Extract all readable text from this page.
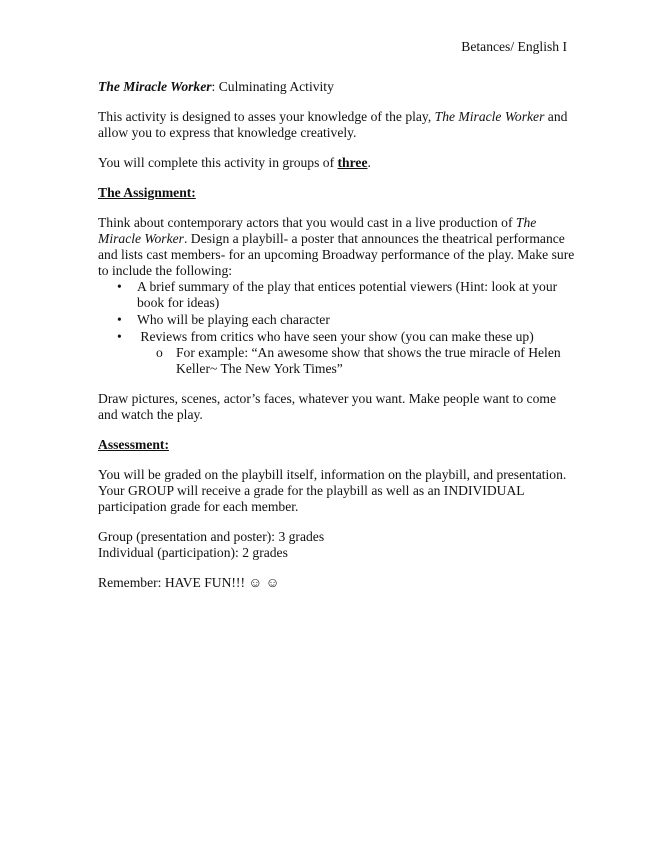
Betances/ English I

The Miracle Worker: Culminating Activity

This activity is designed to asses your knowledge of the play, The Miracle Worker and allow you to express that knowledge creatively.

You will complete this activity in groups of three.

The Assignment:

Think about contemporary actors that you would cast in a live production of The Miracle Worker. Design a playbill- a poster that announces the theatrical performance and lists cast members- for an upcoming Broadway performance of the play. Make sure to include the following:

• A brief summary of the play that entices potential viewers (Hint: look at your book for ideas)
• Who will be playing each character
• Reviews from critics who have seen your show (you can make these up)
o For example: “An awesome show that shows the true miracle of Helen Keller~ The New York Times”

Draw pictures, scenes, actor’s faces, whatever you want. Make people want to come and watch the play.

Assessment:

You will be graded on the playbill itself, information on the playbill, and presentation. Your GROUP will receive a grade for the playbill as well as an INDIVIDUAL participation grade for each member.

Group (presentation and poster): 3 grades

Individual (participation): 2 grades

Remember: HAVE FUN!!! ☺ ☺
